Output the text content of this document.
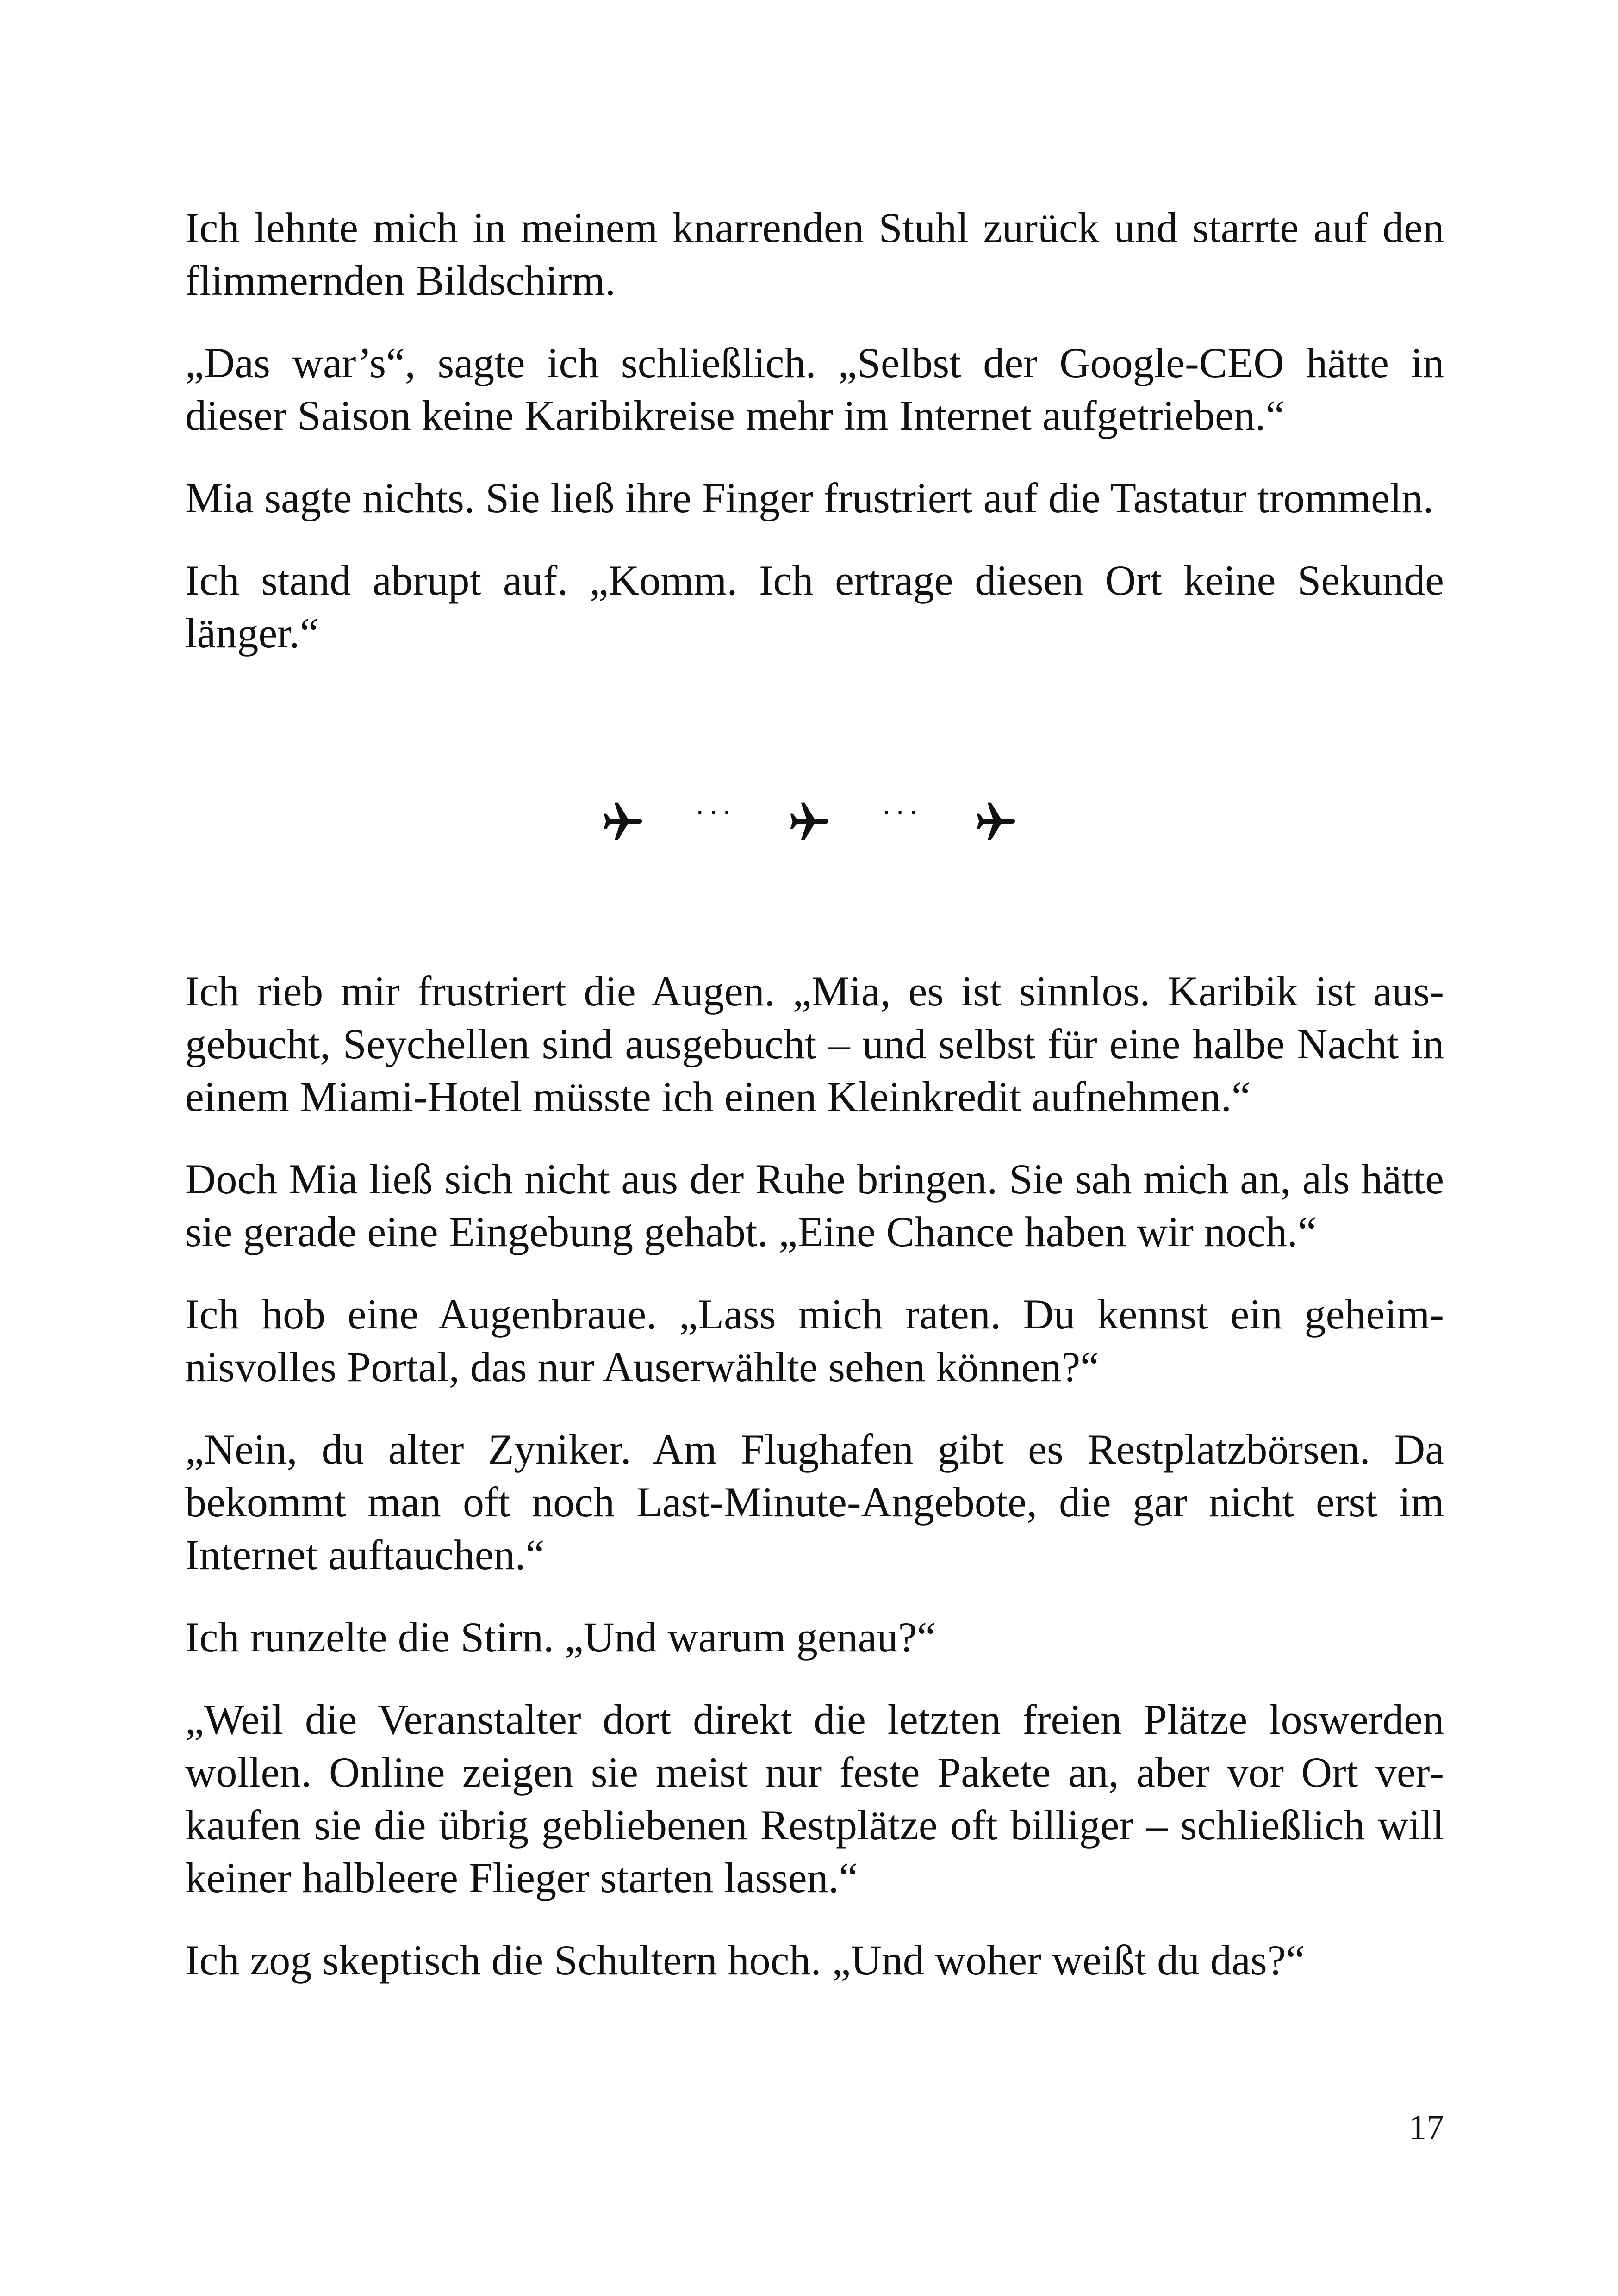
Ich lehnte mich in meinem knarrenden Stuhl zurück und starrte auf den flimmernden Bildschirm.

„Das war’s“, sagte ich schließlich. „Selbst der Google-CEO hätte in dieser Saison keine Karibikreise mehr im Internet aufgetrieben.“

Mia sagte nichts. Sie ließ ihre Finger frustriert auf die Tastatur trommeln.

Ich stand abrupt auf. „Komm. Ich ertrage diesen Ort keine Sekunde länger.“

···	···

Ich rieb mir frustriert die Augen. „Mia, es ist sinnlos. Karibik ist ausgebucht, Seychellen sind ausgebucht – und selbst für eine halbe Nacht in einem Miami-Hotel müsste ich einen Kleinkredit aufnehmen.“

Doch Mia ließ sich nicht aus der Ruhe bringen. Sie sah mich an, als hätte sie gerade eine Eingebung gehabt. „Eine Chance haben wir noch.“

Ich hob eine Augenbraue. „Lass mich raten. Du kennst ein geheimnisvolles Portal, das nur Auserwählte sehen können?“

„Nein, du alter Zyniker. Am Flughafen gibt es Restplatzbörsen. Da bekommt man oft noch Last-Minute-Angebote, die gar nicht erst im Internet auftauchen.“

Ich runzelte die Stirn. „Und warum genau?“

„Weil die Veranstalter dort direkt die letzten freien Plätze loswerden wollen. Online zeigen sie meist nur feste Pakete an, aber vor Ort verkaufen sie die übrig gebliebenen Restplätze oft billiger – schließlich will keiner halbleere Flieger starten lassen.“

Ich zog skeptisch die Schultern hoch. „Und woher weißt du das?“

17
